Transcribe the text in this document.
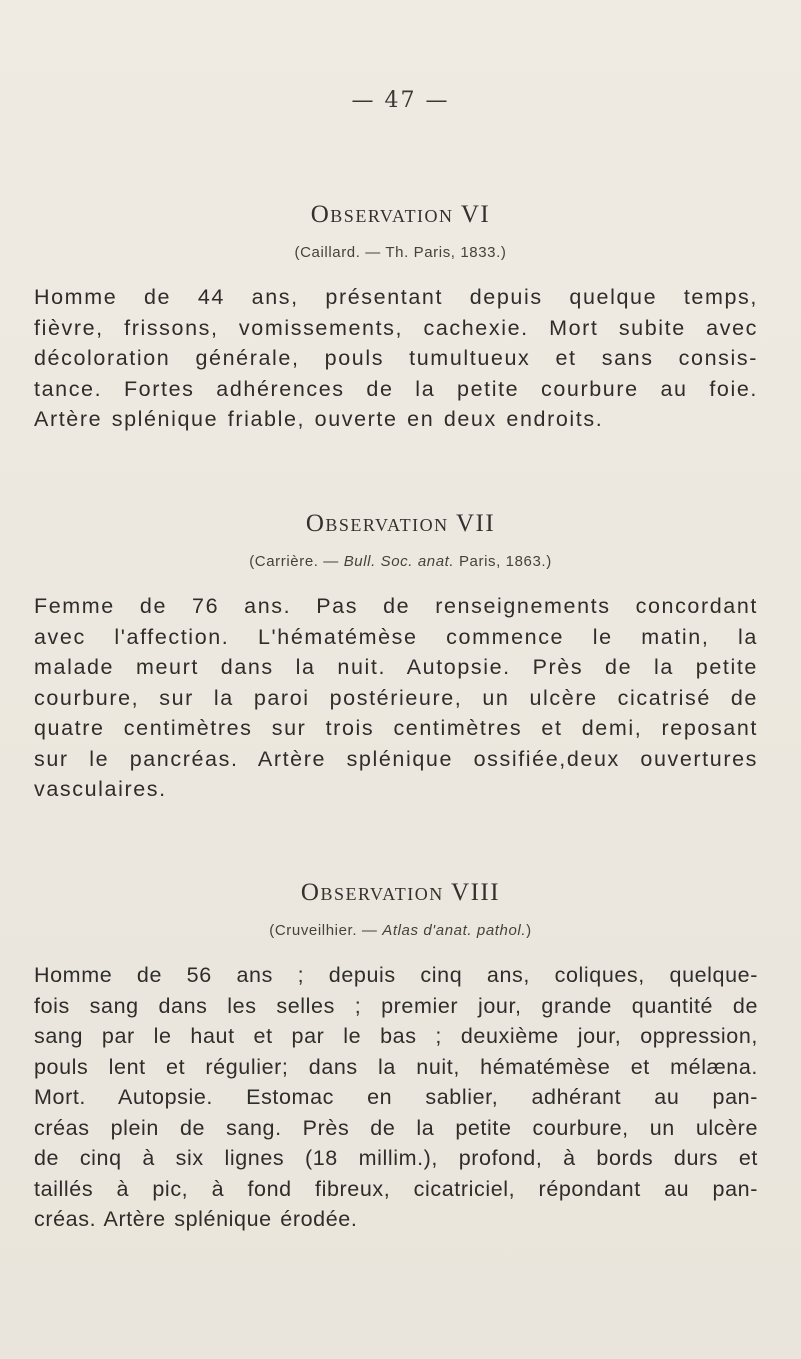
— 47 —
Observation VI
(Caillard. — Th. Paris, 1833.)
Homme de 44 ans, présentant depuis quelque temps,
fièvre, frissons, vomissements, cachexie. Mort subite avec
décoloration générale, pouls tumultueux et sans consis-
tance. Fortes adhérences de la petite courbure au foie.
Artère splénique friable, ouverte en deux endroits.
Observation VII
(Carrière. — Bull. Soc. anat. Paris, 1863.)
Femme de 76 ans. Pas de renseignements concordant
avec l'affection. L'hématémèse commence le matin, la
malade meurt dans la nuit. Autopsie. Près de la petite
courbure, sur la paroi postérieure, un ulcère cicatrisé de
quatre centimètres sur trois centimètres et demi, reposant
sur le pancréas. Artère splénique ossifiée,deux ouvertures
vasculaires.
Observation VIII
(Cruveilhier. — Atlas d'anat. pathol.)
Homme de 56 ans ; depuis cinq ans, coliques, quelque-
fois sang dans les selles ; premier jour, grande quantité de
sang par le haut et par le bas ; deuxième jour, oppression,
pouls lent et régulier; dans la nuit, hématémèse et mélæna.
Mort. Autopsie. Estomac en sablier, adhérant au pan-
créas plein de sang. Près de la petite courbure, un ulcère
de cinq à six lignes (18 millim.), profond, à bords durs et
taillés à pic, à fond fibreux, cicatriciel, répondant au pan-
créas. Artère splénique érodée.
